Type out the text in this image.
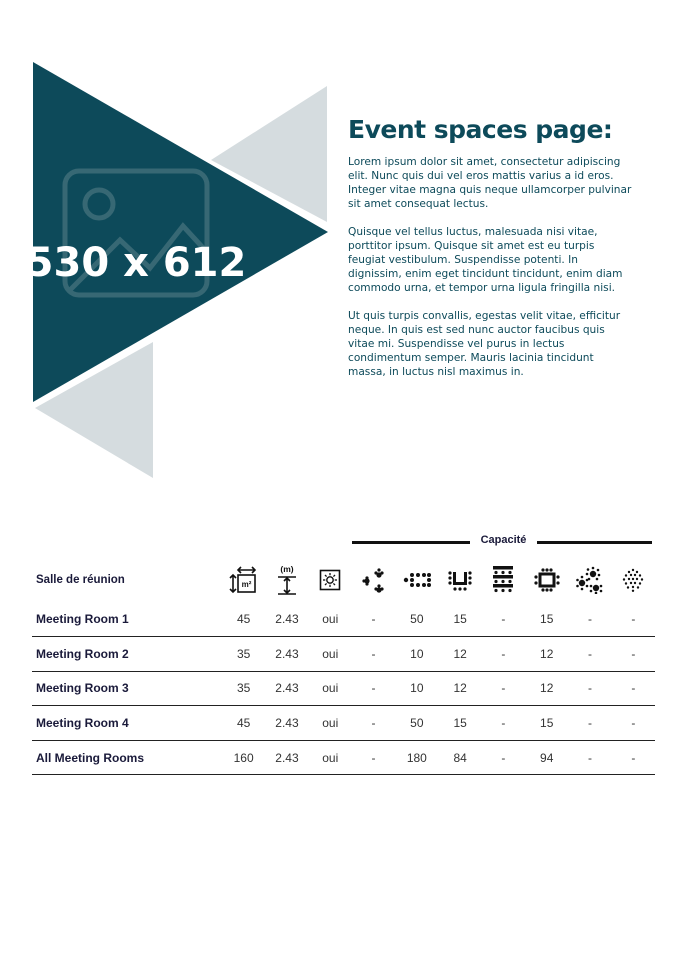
530 x 612
Event spaces page:

Lorem ipsum dolor sit amet, consectetur adipiscing elit. Nunc quis dui vel eros mattis varius a id eros. Integer vitae magna quis neque ullamcorper pulvinar sit amet consequat lectus.

Quisque vel tellus luctus, malesuada nisi vitae, porttitor ipsum. Quisque sit amet est eu turpis feugiat vestibulum. Suspendisse potenti. In dignissim, enim eget tincidunt tincidunt, enim diam commodo urna, et tempor urna ligula fringilla nisi.

Ut quis turpis convallis, egestas velit vitae, efficitur neque. In quis est sed nunc auctor faucibus quis vitae mi. Suspendisse vel purus in lectus condimentum semper. Mauris lacinia tincidunt massa, in luctus nisl maximus in.

Capacité
Salle de réunion	m²	(m)

Meeting Room 1	45	2.43	oui	-	50	15	-	15	-	-
Meeting Room 2	35	2.43	oui	-	10	12	-	12	-	-
Meeting Room 3	35	2.43	oui	-	10	12	-	12	-	-
Meeting Room 4	45	2.43	oui	-	50	15	-	15	-	-
All Meeting Rooms	160	2.43	oui	-	180	84	-	94	-	-
